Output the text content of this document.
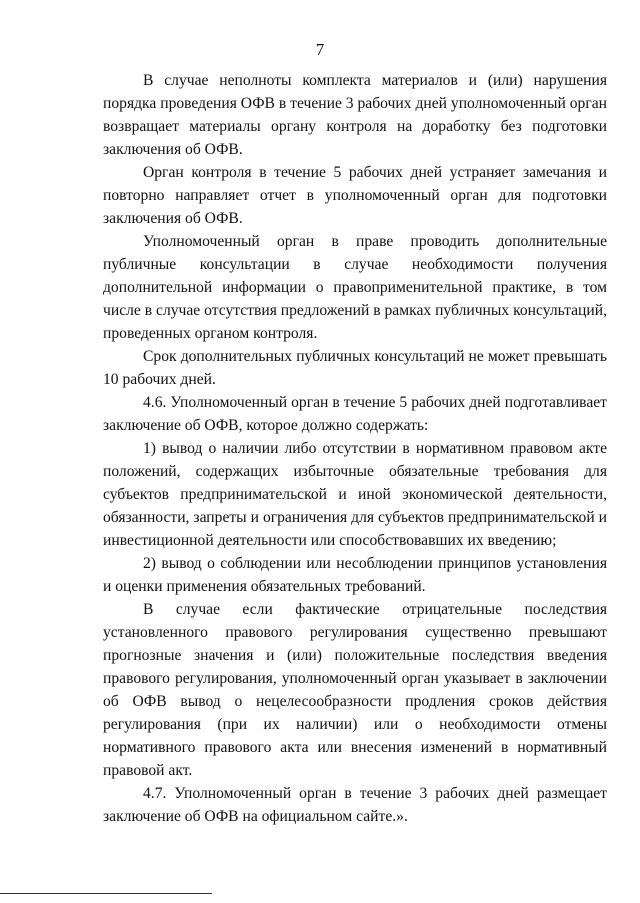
7

В случае неполноты комплекта материалов и (или) нарушения порядка проведения ОФВ в течение 3 рабочих дней уполномоченный орган возвращает материалы органу контроля на доработку без подготовки заключения об ОФВ.

Орган контроля в течение 5 рабочих дней устраняет замечания и повторно направляет отчет в уполномоченный орган для подготовки заключения об ОФВ.

Уполномоченный орган в праве проводить дополнительные публичные консультации в случае необходимости получения дополнительной информации о правоприменительной практике, в том числе в случае отсутствия предложений в рамках публичных консультаций, проведенных органом контроля.

Срок дополнительных публичных консультаций не может превышать 10 рабочих дней.

4.6. Уполномоченный орган в течение 5 рабочих дней подготавливает заключение об ОФВ, которое должно содержать:

1) вывод о наличии либо отсутствии в нормативном правовом акте положений, содержащих избыточные обязательные требования для субъектов предпринимательской и иной экономической деятельности, обязанности, запреты и ограничения для субъектов предпринимательской и инвестиционной деятельности или способствовавших их введению;

2) вывод о соблюдении или несоблюдении принципов установления и оценки применения обязательных требований.

В случае если фактические отрицательные последствия установленного правового регулирования существенно превышают прогнозные значения и (или) положительные последствия введения правового регулирования, уполномоченный орган указывает в заключении об ОФВ вывод о нецелесообразности продления сроков действия регулирования (при их наличии) или о необходимости отмены нормативного правового акта или внесения изменений в нормативный правовой акт.

4.7. Уполномоченный орган в течение 3 рабочих дней размещает заключение об ОФВ на официальном сайте.».
